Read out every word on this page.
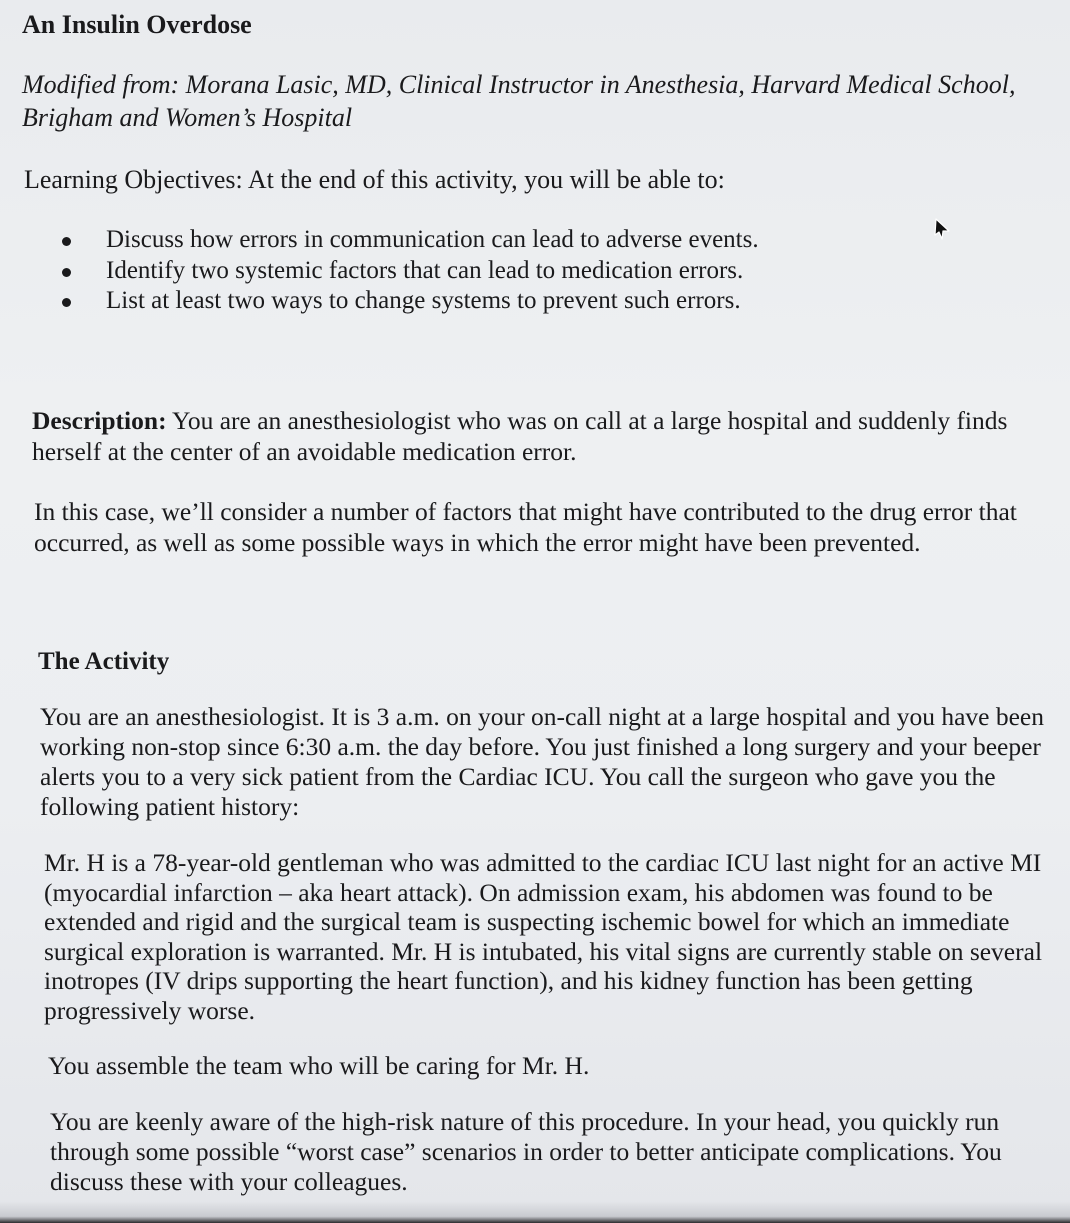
An Insulin Overdose

Modified from: Morana Lasic, MD, Clinical Instructor in Anesthesia, Harvard Medical School, Brigham and Women’s Hospital

Learning Objectives: At the end of this activity, you will be able to:

Discuss how errors in communication can lead to adverse events.
Identify two systemic factors that can lead to medication errors.
List at least two ways to change systems to prevent such errors.

Description: You are an anesthesiologist who was on call at a large hospital and suddenly finds herself at the center of an avoidable medication error.

In this case, we’ll consider a number of factors that might have contributed to the drug error that occurred, as well as some possible ways in which the error might have been prevented.

The Activity

You are an anesthesiologist. It is 3 a.m. on your on-call night at a large hospital and you have been working non-stop since 6:30 a.m. the day before. You just finished a long surgery and your beeper alerts you to a very sick patient from the Cardiac ICU. You call the surgeon who gave you the following patient history:

Mr. H is a 78-year-old gentleman who was admitted to the cardiac ICU last night for an active MI (myocardial infarction – aka heart attack). On admission exam, his abdomen was found to be extended and rigid and the surgical team is suspecting ischemic bowel for which an immediate surgical exploration is warranted. Mr. H is intubated, his vital signs are currently stable on several inotropes (IV drips supporting the heart function), and his kidney function has been getting progressively worse.

You assemble the team who will be caring for Mr. H.

You are keenly aware of the high-risk nature of this procedure. In your head, you quickly run through some possible “worst case” scenarios in order to better anticipate complications. You discuss these with your colleagues.
